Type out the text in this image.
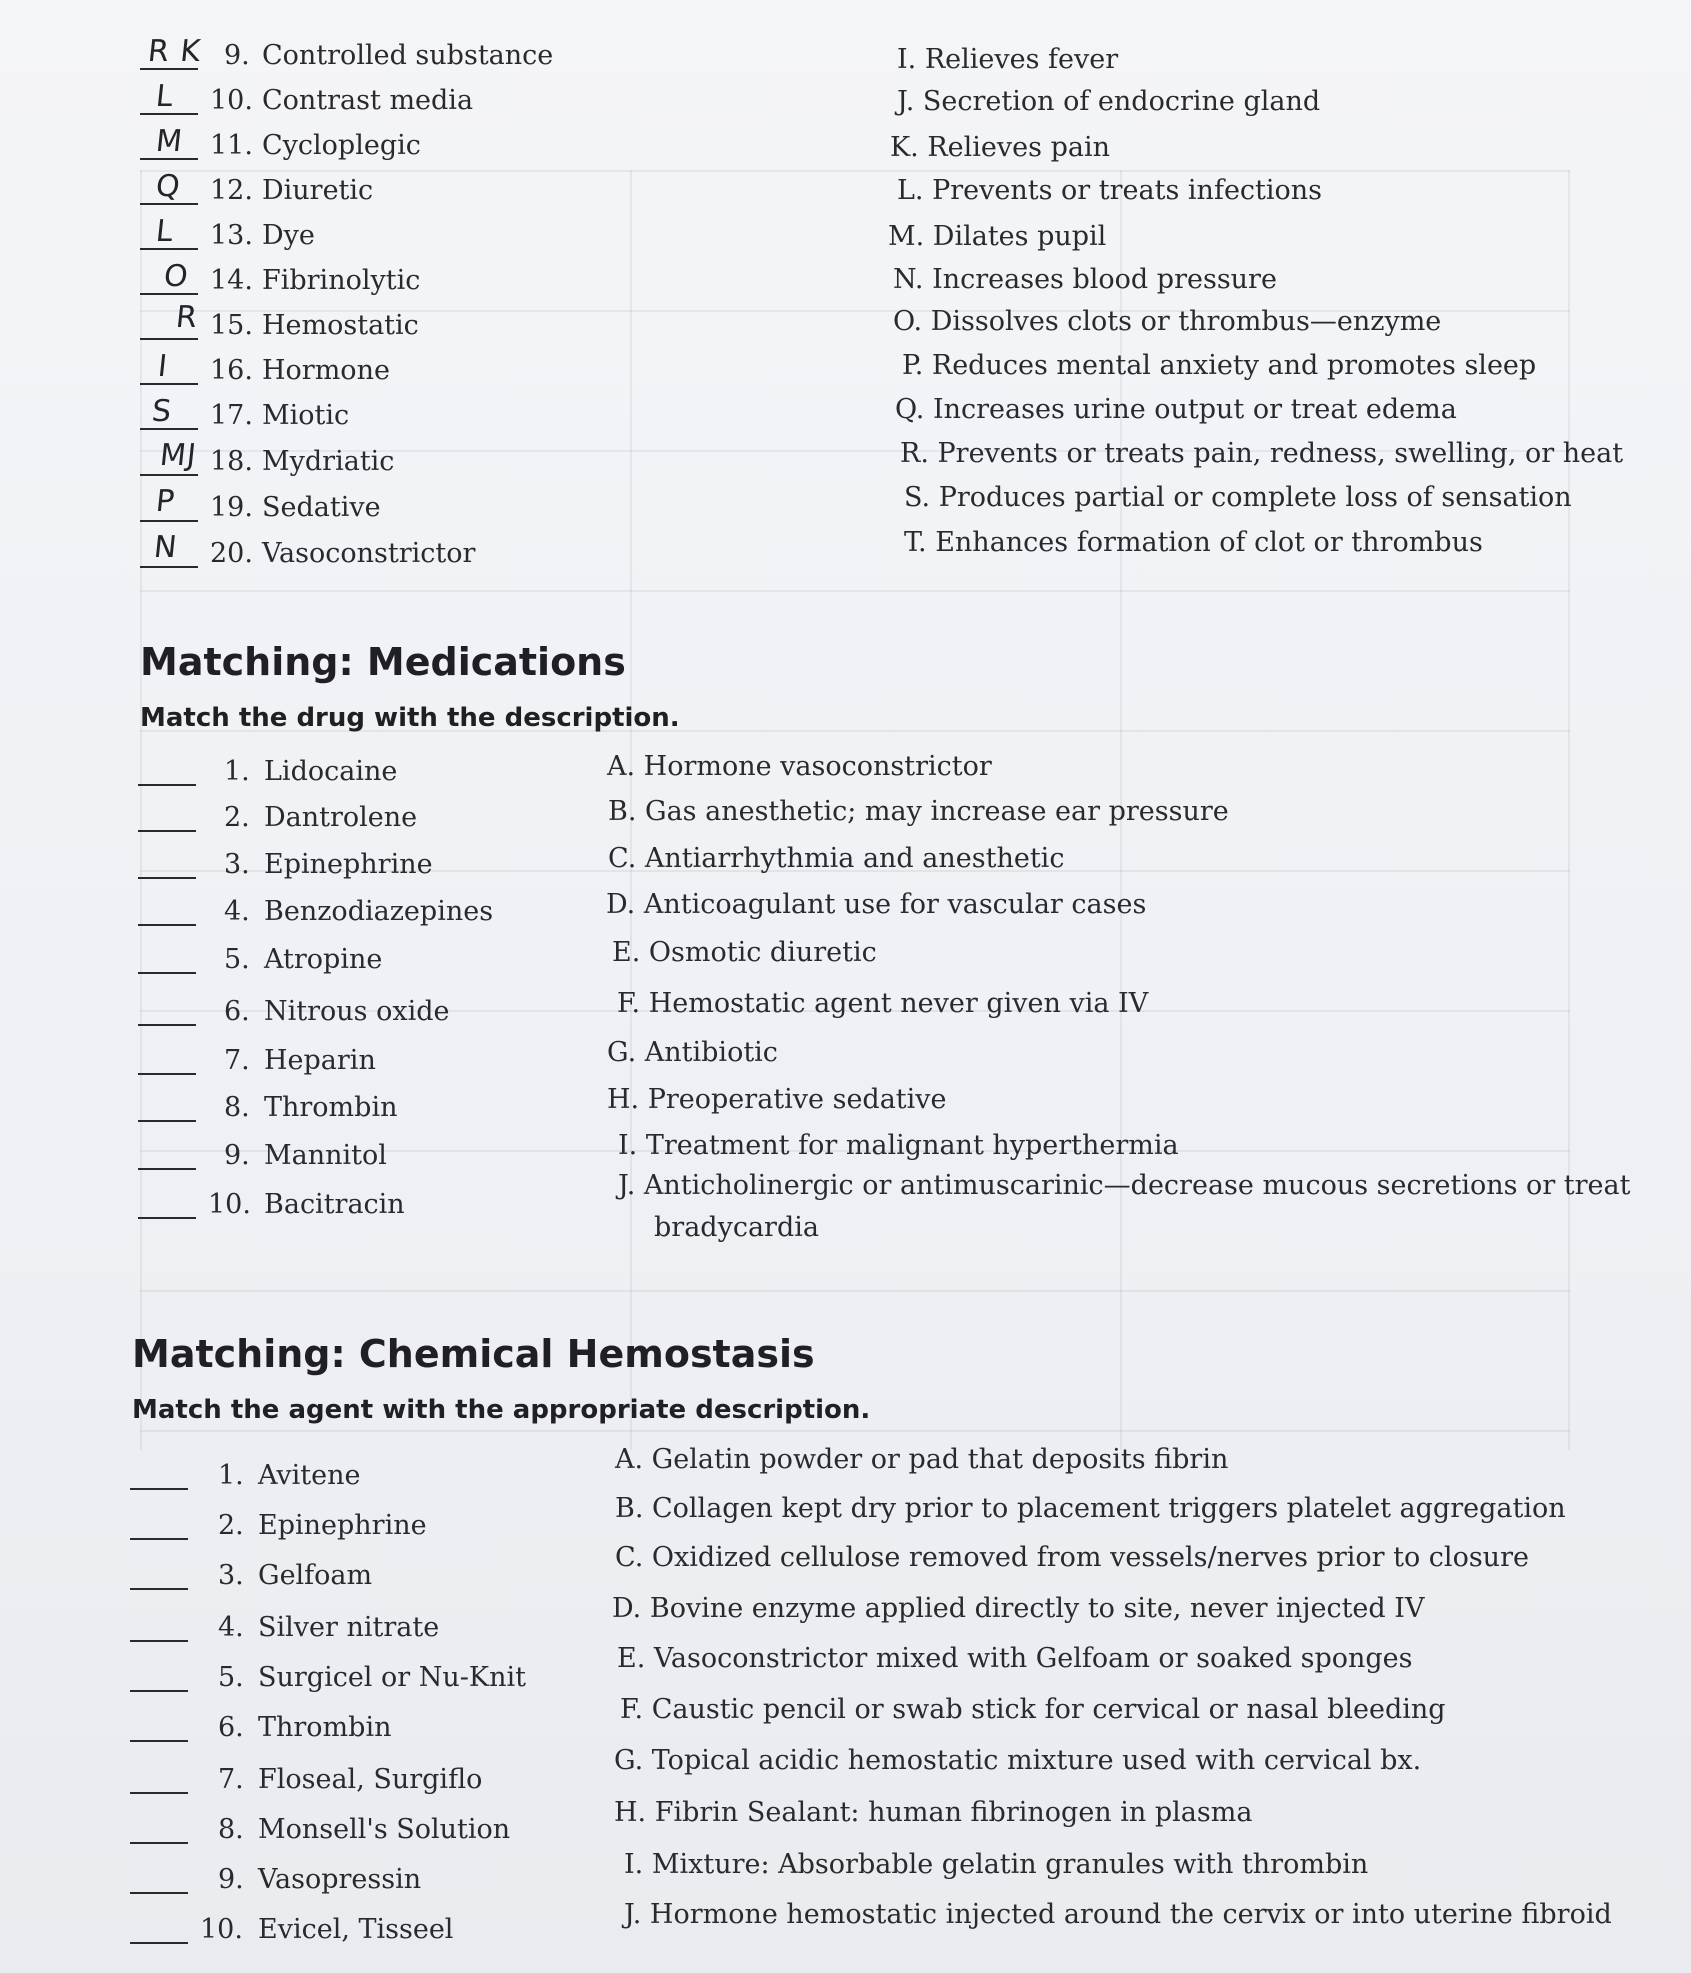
R K 9. Controlled substance
L 10. Contrast media
M 11. Cycloplegic
Q 12. Diuretic
L 13. Dye
O 14. Fibrinolytic
R 15. Hemostatic
I 16. Hormone
S 17. Miotic
MJ 18. Mydriatic
P 19. Sedative
N 20. Vasoconstrictor
I. Relieves fever
J. Secretion of endocrine gland
K. Relieves pain
L. Prevents or treats infections
M. Dilates pupil
N. Increases blood pressure
O. Dissolves clots or thrombus—enzyme
P. Reduces mental anxiety and promotes sleep
Q. Increases urine output or treat edema
R. Prevents or treats pain, redness, swelling, or heat
S. Produces partial or complete loss of sensation
T. Enhances formation of clot or thrombus
Matching: Medications
Match the drug with the description.
1. Lidocaine
2. Dantrolene
3. Epinephrine
4. Benzodiazepines
5. Atropine
6. Nitrous oxide
7. Heparin
8. Thrombin
9. Mannitol
10. Bacitracin
A. Hormone vasoconstrictor
B. Gas anesthetic; may increase ear pressure
C. Antiarrhythmia and anesthetic
D. Anticoagulant use for vascular cases
E. Osmotic diuretic
F. Hemostatic agent never given via IV
G. Antibiotic
H. Preoperative sedative
I. Treatment for malignant hyperthermia
J. Anticholinergic or antimuscarinic—decrease mucous secretions or treat
bradycardia
Matching: Chemical Hemostasis
Match the agent with the appropriate description.
1. Avitene
2. Epinephrine
3. Gelfoam
4. Silver nitrate
5. Surgicel or Nu-Knit
6. Thrombin
7. Floseal, Surgiflo
8. Monsell's Solution
9. Vasopressin
10. Evicel, Tisseel
A. Gelatin powder or pad that deposits fibrin
B. Collagen kept dry prior to placement triggers platelet aggregation
C. Oxidized cellulose removed from vessels/nerves prior to closure
D. Bovine enzyme applied directly to site, never injected IV
E. Vasoconstrictor mixed with Gelfoam or soaked sponges
F. Caustic pencil or swab stick for cervical or nasal bleeding
G. Topical acidic hemostatic mixture used with cervical bx.
H. Fibrin Sealant: human fibrinogen in plasma
I. Mixture: Absorbable gelatin granules with thrombin
J. Hormone hemostatic injected around the cervix or into uterine fibroid
